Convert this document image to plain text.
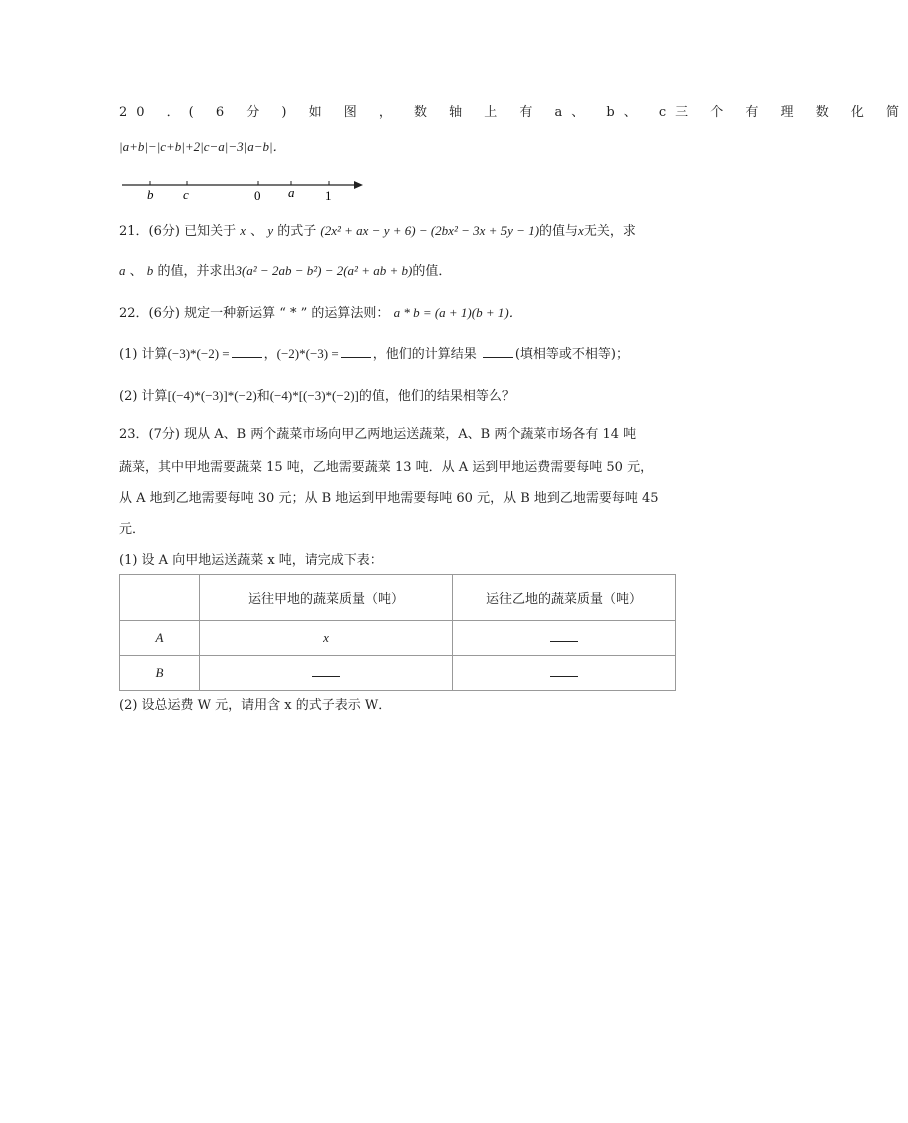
20 ．( 6 分 ) 如 图 ， 数 轴 上 有 a、 b、 c三 个 有 理 数 化 简
|a+b|−|c+b|+2|c−a|−3|a−b|．
b c	0 a 1
21．(6分) 已知关于 x 、 y 的式子 (2x² + ax − y + 6) − (2bx² − 3x + 5y − 1)的值与x无关，求
a 、 b 的值，并求出3(a² − 2ab − b²) − 2(a² + ab + b)的值．
22．(6分) 规定一种新运算 “ * ” 的运算法则： a * b = (a + 1)(b + 1)．
(1) 计算(−3)*(−2) =	，(−2)*(−3) =	，他们的计算结果	(填相等或不相等)；
(2) 计算[(−4)*(−3)]*(−2)和(−4)*[(−3)*(−2)]的值，他们的结果相等么？
23．(7分) 现从 A、B 两个蔬菜市场向甲乙两地运送蔬菜，A、B 两个蔬菜市场各有 14 吨
蔬菜，其中甲地需要蔬菜 15 吨，乙地需要蔬菜 13 吨．从 A 运到甲地运费需要每吨 50 元，
从 A 地到乙地需要每吨 30 元；从 B 地运到甲地需要每吨 60 元，从 B 地到乙地需要每吨 45
元．
(1) 设 A 向甲地运送蔬菜 x 吨，请完成下表：
	运往甲地的蔬菜质量（吨）	运往乙地的蔬菜质量（吨）
A	x	
B		
(2) 设总运费 W 元，请用含 x 的式子表示 W．
